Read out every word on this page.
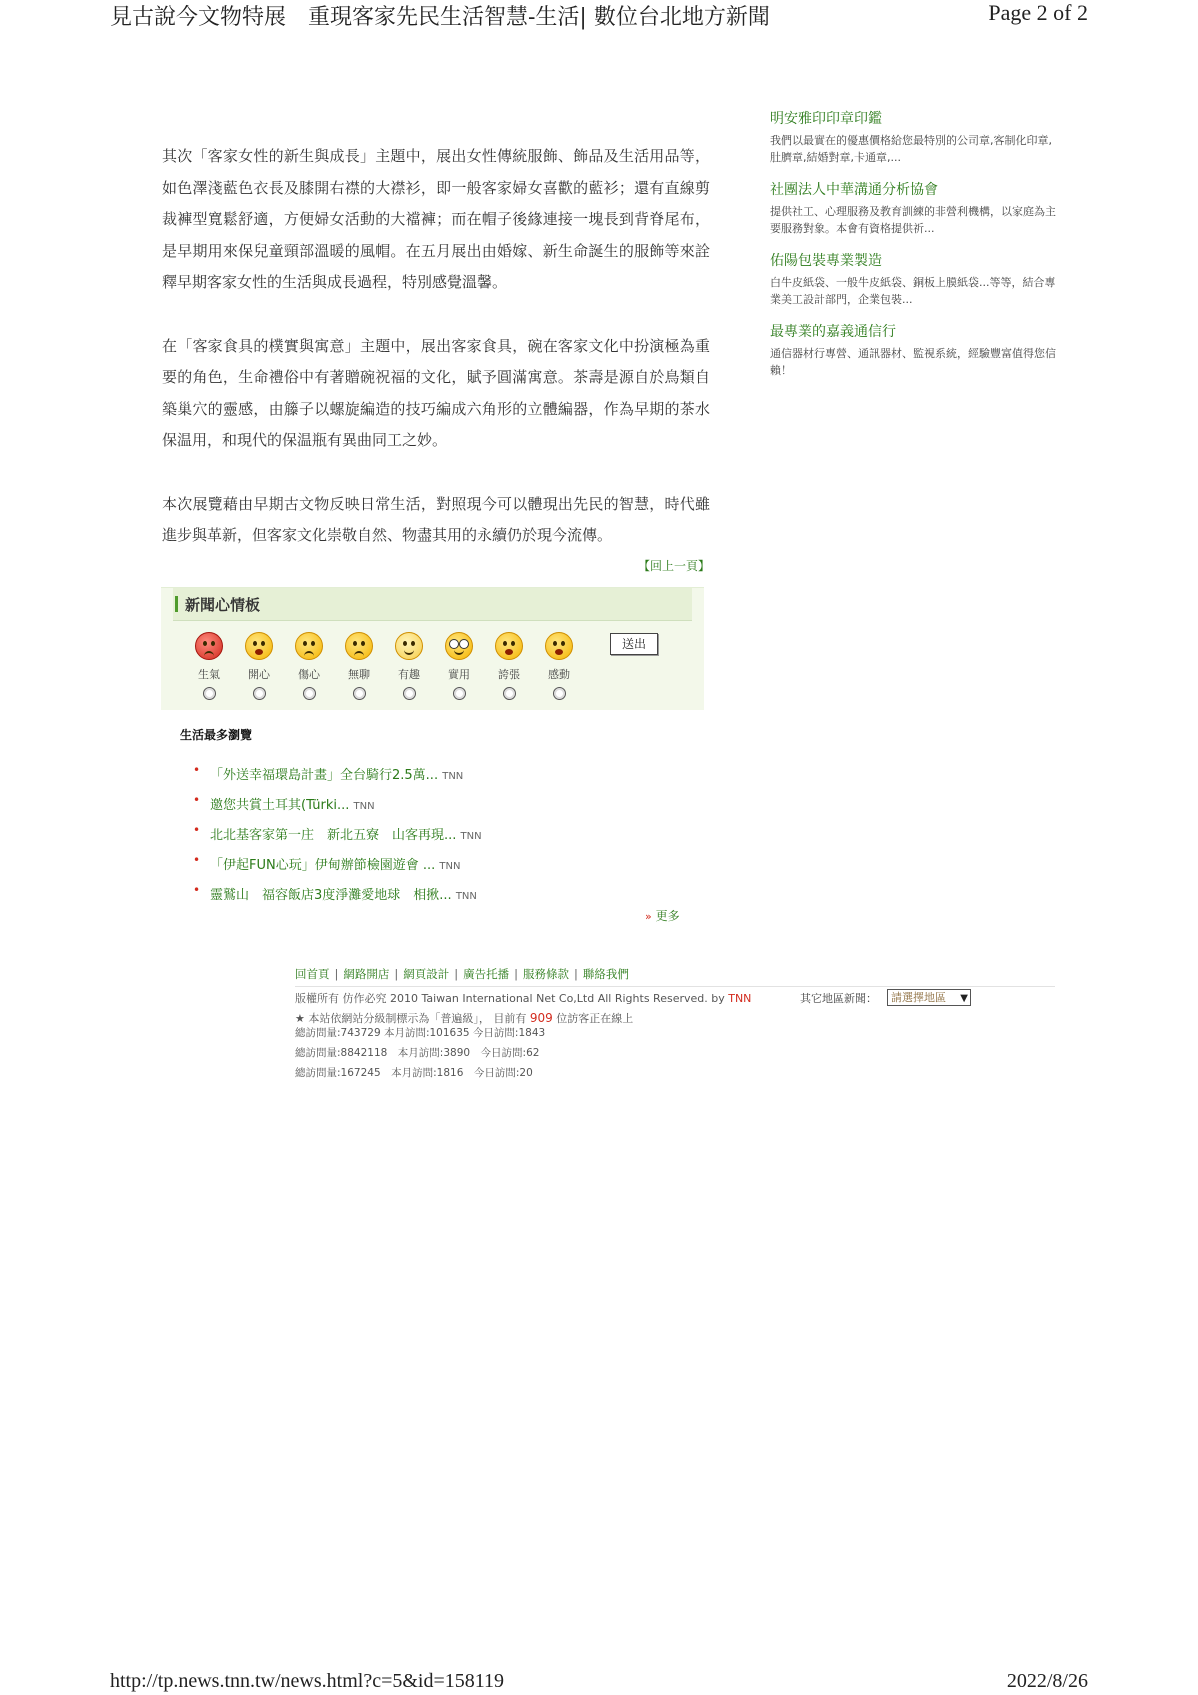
見古說今文物特展　重現客家先民生活智慧-生活| 數位台北地方新聞	Page 2 of 2

其次「客家女性的新生與成長」主題中，展出女性傳統服飾、飾品及生活用品等，如色澤淺藍色衣長及膝開右襟的大襟衫，即一般客家婦女喜歡的藍衫；還有直線剪裁褲型寬鬆舒適，方便婦女活動的大襠褲；而在帽子後緣連接一塊長到背脊尾布，是早期用來保兒童頸部溫暖的風帽。在五月展出由婚嫁、新生命誕生的服飾等來詮釋早期客家女性的生活與成長過程，特別感覺溫馨。

在「客家食具的樸實與寓意」主題中，展出客家食具，碗在客家文化中扮演極為重要的角色，生命禮俗中有著贈碗祝福的文化，賦予圓滿寓意。茶壽是源自於鳥類自築巢穴的靈感，由籐子以螺旋編造的技巧編成六角形的立體編器，作為早期的茶水保温用，和現代的保温瓶有異曲同工之妙。

本次展覽藉由早期古文物反映日常生活，對照現今可以體現出先民的智慧，時代雖進步與革新，但客家文化崇敬自然、物盡其用的永續仍於現今流傳。

【回上一頁】
新聞心情板
生氣	開心	傷心	無聊	有趣	實用	誇張	感動
送出
生活最多瀏覽
• 「外送幸福環島計畫」全台騎行2.5萬... TNN
• 邀您共賞土耳其(Türki... TNN
• 北北基客家第一庄　新北五寮　山客再現... TNN
• 「伊起FUN心玩」伊甸辦節檢園遊會 ... TNN
• 靈鷲山　福容飯店3度淨灘愛地球　相揪... TNN
» 更多
明安雅印印章印鑑
我們以最實在的優惠價格給您最特別的公司章,客制化印章,肚臍章,結婚對章,卡通章,...
社團法人中華溝通分析協會
提供社工、心理服務及教育訓練的非營利機構，以家庭為主要服務對象。本會有資格提供祈...
佑陽包裝專業製造
白牛皮紙袋、一般牛皮紙袋、銅板上膜紙袋...等等，結合專業美工設計部門，企業包裝...
最專業的嘉義通信行
通信器材行專營、通訊器材、監視系統，經驗豐富值得您信賴！
回首頁 | 網路開店 | 網頁設計 | 廣告托播 | 服務條款 | 聯絡我們
版權所有 仿作必究 2010 Taiwan International Net Co,Ltd All Rights Reserved. by TNN	其它地區新聞：	請選擇地區 ▼
★ 本站依網站分級制標示為「普遍級」， 目前有 909 位訪客正在線上
總訪問量:743729 本月訪問:101635 今日訪問:1843
總訪問量:8842118　本月訪問:3890　今日訪問:62
總訪問量:167245　本月訪問:1816　今日訪問:20
http://tp.news.tnn.tw/news.html?c=5&id=158119	2022/8/26
